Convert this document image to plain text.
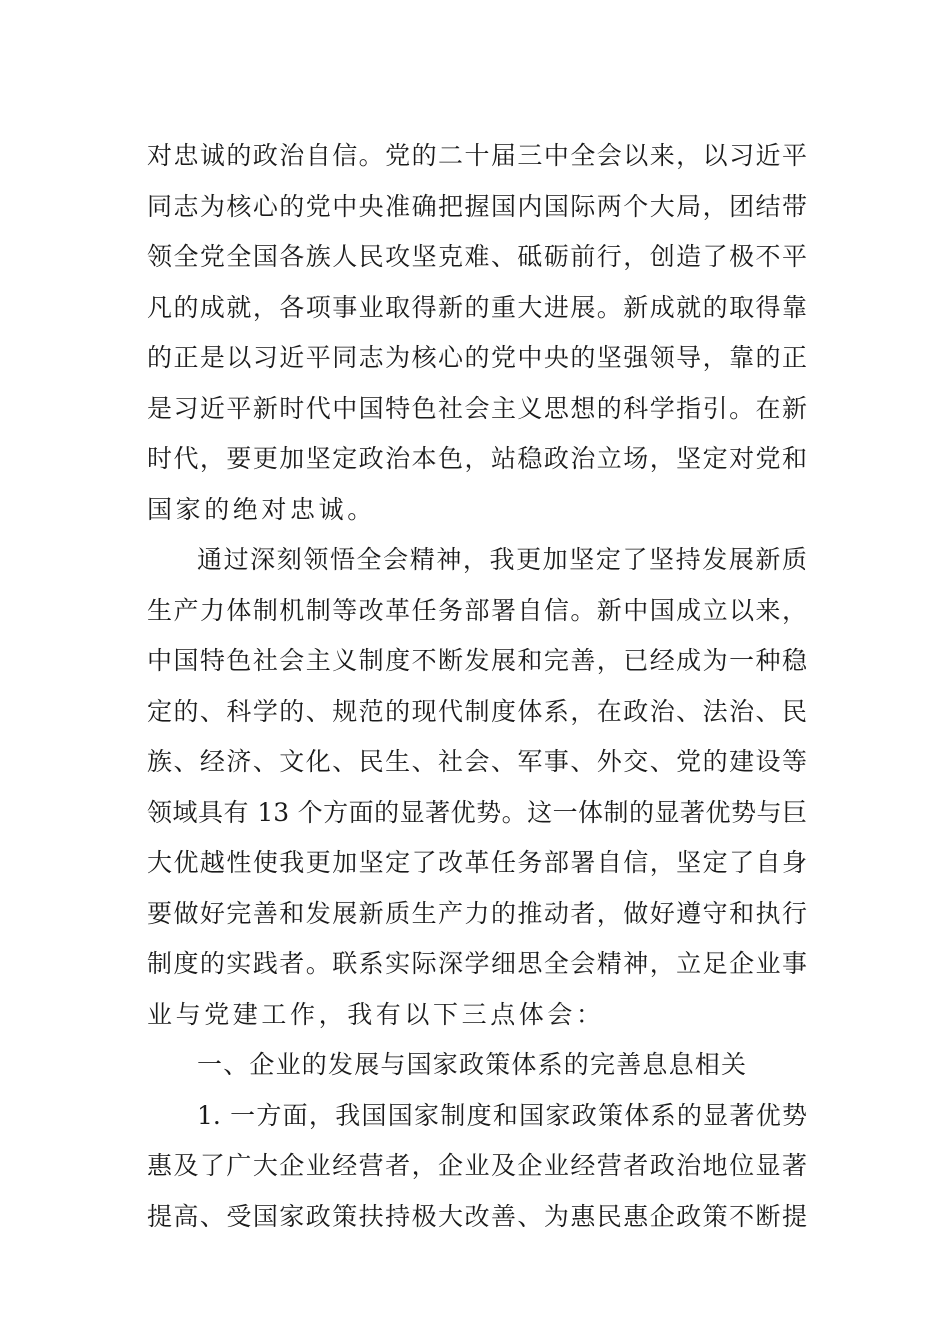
对忠诚的政治自信。党的二十届三中全会以来，以习近平
同志为核心的党中央准确把握国内国际两个大局，团结带
领全党全国各族人民攻坚克难、砥砺前行，创造了极不平
凡的成就，各项事业取得新的重大进展。新成就的取得靠
的正是以习近平同志为核心的党中央的坚强领导，靠的正
是习近平新时代中国特色社会主义思想的科学指引。在新
时代，要更加坚定政治本色，站稳政治立场，坚定对党和
国家的绝对忠诚。
通过深刻领悟全会精神，我更加坚定了坚持发展新质
生产力体制机制等改革任务部署自信。新中国成立以来，
中国特色社会主义制度不断发展和完善，已经成为一种稳
定的、科学的、规范的现代制度体系，在政治、法治、民
族、经济、文化、民生、社会、军事、外交、党的建设等
领域具有 13 个方面的显著优势。这一体制的显著优势与巨
大优越性使我更加坚定了改革任务部署自信，坚定了自身
要做好完善和发展新质生产力的推动者，做好遵守和执行
制度的实践者。联系实际深学细思全会精神，立足企业事
业与党建工作，我有以下三点体会：
一、企业的发展与国家政策体系的完善息息相关
1. 一方面，我国国家制度和国家政策体系的显著优势
惠及了广大企业经营者，企业及企业经营者政治地位显著
提高、受国家政策扶持极大改善、为惠民惠企政策不断提
